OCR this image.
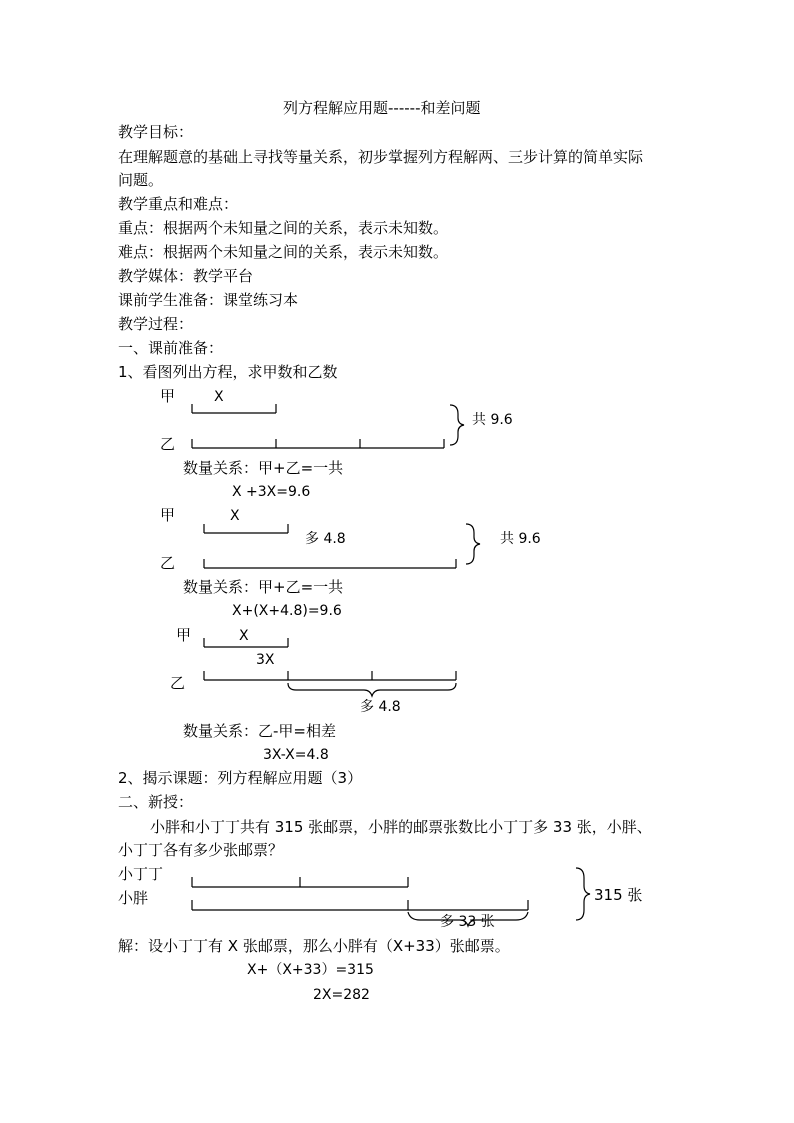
列方程解应用题------和差问题
教学目标：
在理解题意的基础上寻找等量关系，初步掌握列方程解两、三步计算的简单实际
问题。
教学重点和难点：
重点：根据两个未知量之间的关系，表示未知数。
难点：根据两个未知量之间的关系，表示未知数。
教学媒体：教学平台
课前学生准备：课堂练习本
教学过程：
一、课前准备：
1、看图列出方程，求甲数和乙数
甲	X
共 9.6
乙
数量关系：甲+乙=一共
X +3X=9.6
甲	X
多 4.8	共 9.6
乙
数量关系：甲+乙=一共
X+(X+4.8)=9.6
甲	X
3X
乙
多 4.8
数量关系：乙-甲=相差
3X-X=4.8
2、揭示课题：列方程解应用题（3）
二、新授：
小胖和小丁丁共有 315 张邮票，小胖的邮票张数比小丁丁多 33 张，小胖、
小丁丁各有多少张邮票？
小丁丁
小胖
多 33 张
315 张
解：设小丁丁有 X 张邮票，那么小胖有（X+33）张邮票。
X+（X+33）=315
2X=282
